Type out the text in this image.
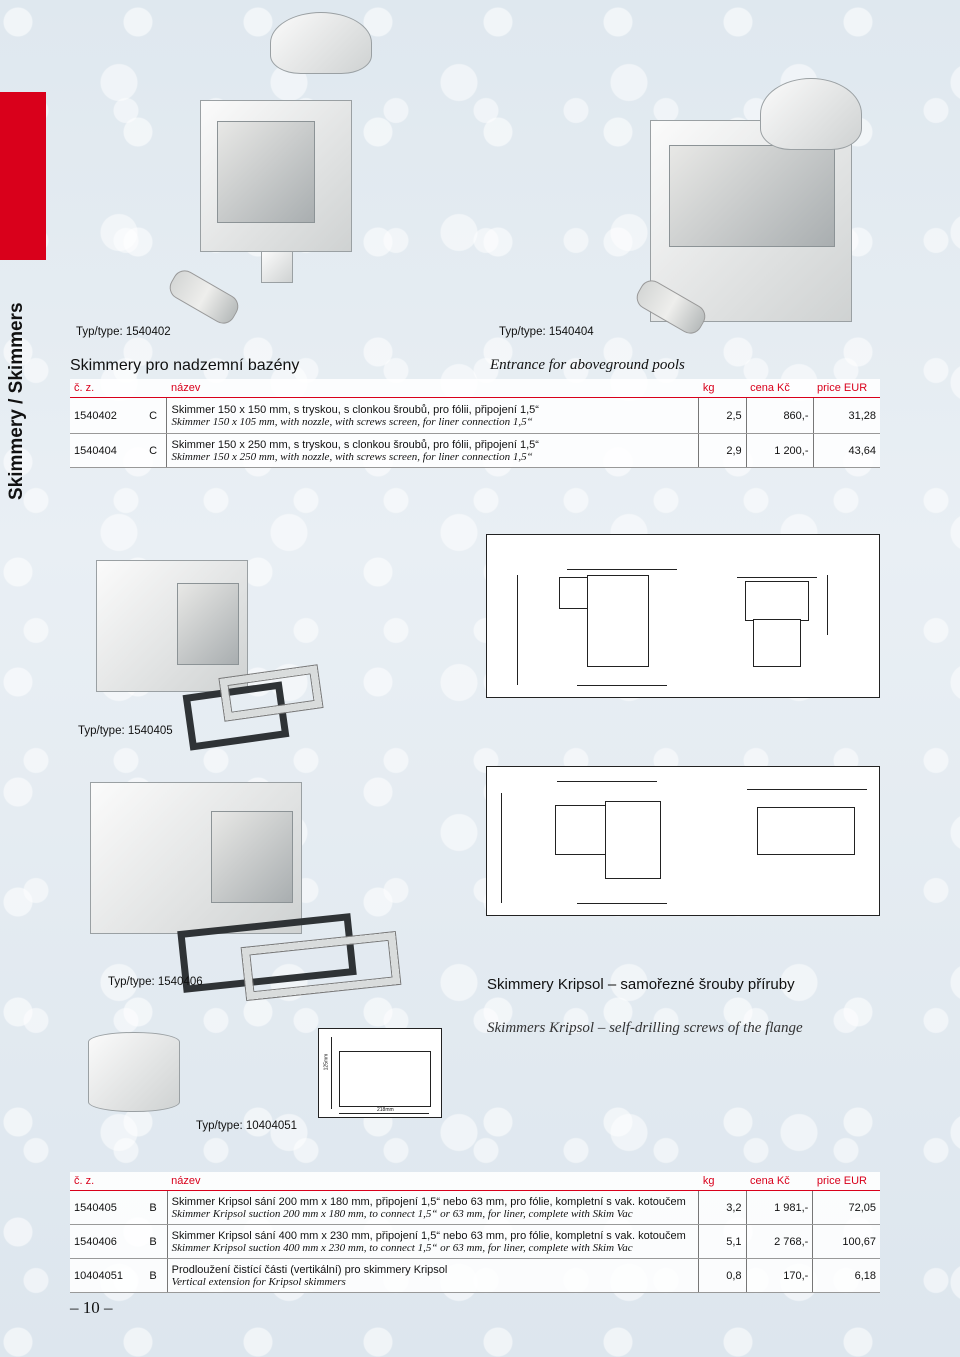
Skimmery / Skimmers	Typ/type: 1540402	Typ/type: 1540404
Skimmery pro nadzemní bazény	Entrance for aboveground pools
č. z.		název	kg	cena Kč	price EUR
1540402	C	Skimmer 150 x 150 mm, s tryskou, s clonkou šroubů, pro fólii, připojení 1,5“
Skimmer 150 x 105 mm, with nozzle, with screws screen, for liner connection 1,5“	2,5	860,-	31,28
1540404	C	Skimmer 150 x 250 mm, s tryskou, s clonkou šroubů, pro fólii, připojení 1,5“
Skimmer 150 x 250 mm, with nozzle, with screws screen, for liner connection 1,5“	2,9	1 200,-	43,64
Typ/type: 1540405
Typ/type: 1540406	Skimmery Kripsol – samořezné šrouby příruby
Skimmers Kripsol – self-drilling screws of the flange
125mm
218mm
Typ/type: 10404051
č. z.		název	kg	cena Kč	price EUR
1540405	B	Skimmer Kripsol sání 200 mm x 180 mm, připojení 1,5“ nebo 63 mm, pro fólie, kompletní s vak. kotoučem
Skimmer Kripsol suction 200 mm x 180 mm, to connect 1,5“ or 63 mm, for liner, complete with Skim Vac	3,2	1 981,-	72,05
1540406	B	Skimmer Kripsol sání 400 mm x 230 mm, připojení 1,5“ nebo 63 mm, pro fólie, kompletní s vak. kotoučem
Skimmer Kripsol suction 400 mm x 230 mm, to connect 1,5“ or 63 mm, for liner, complete with Skim Vac	5,1	2 768,-	100,67
10404051	B	Prodloužení čistící části (vertikální) pro skimmery Kripsol
Vertical extension for Kripsol skimmers	0,8	170,-	6,18
– 10 –
